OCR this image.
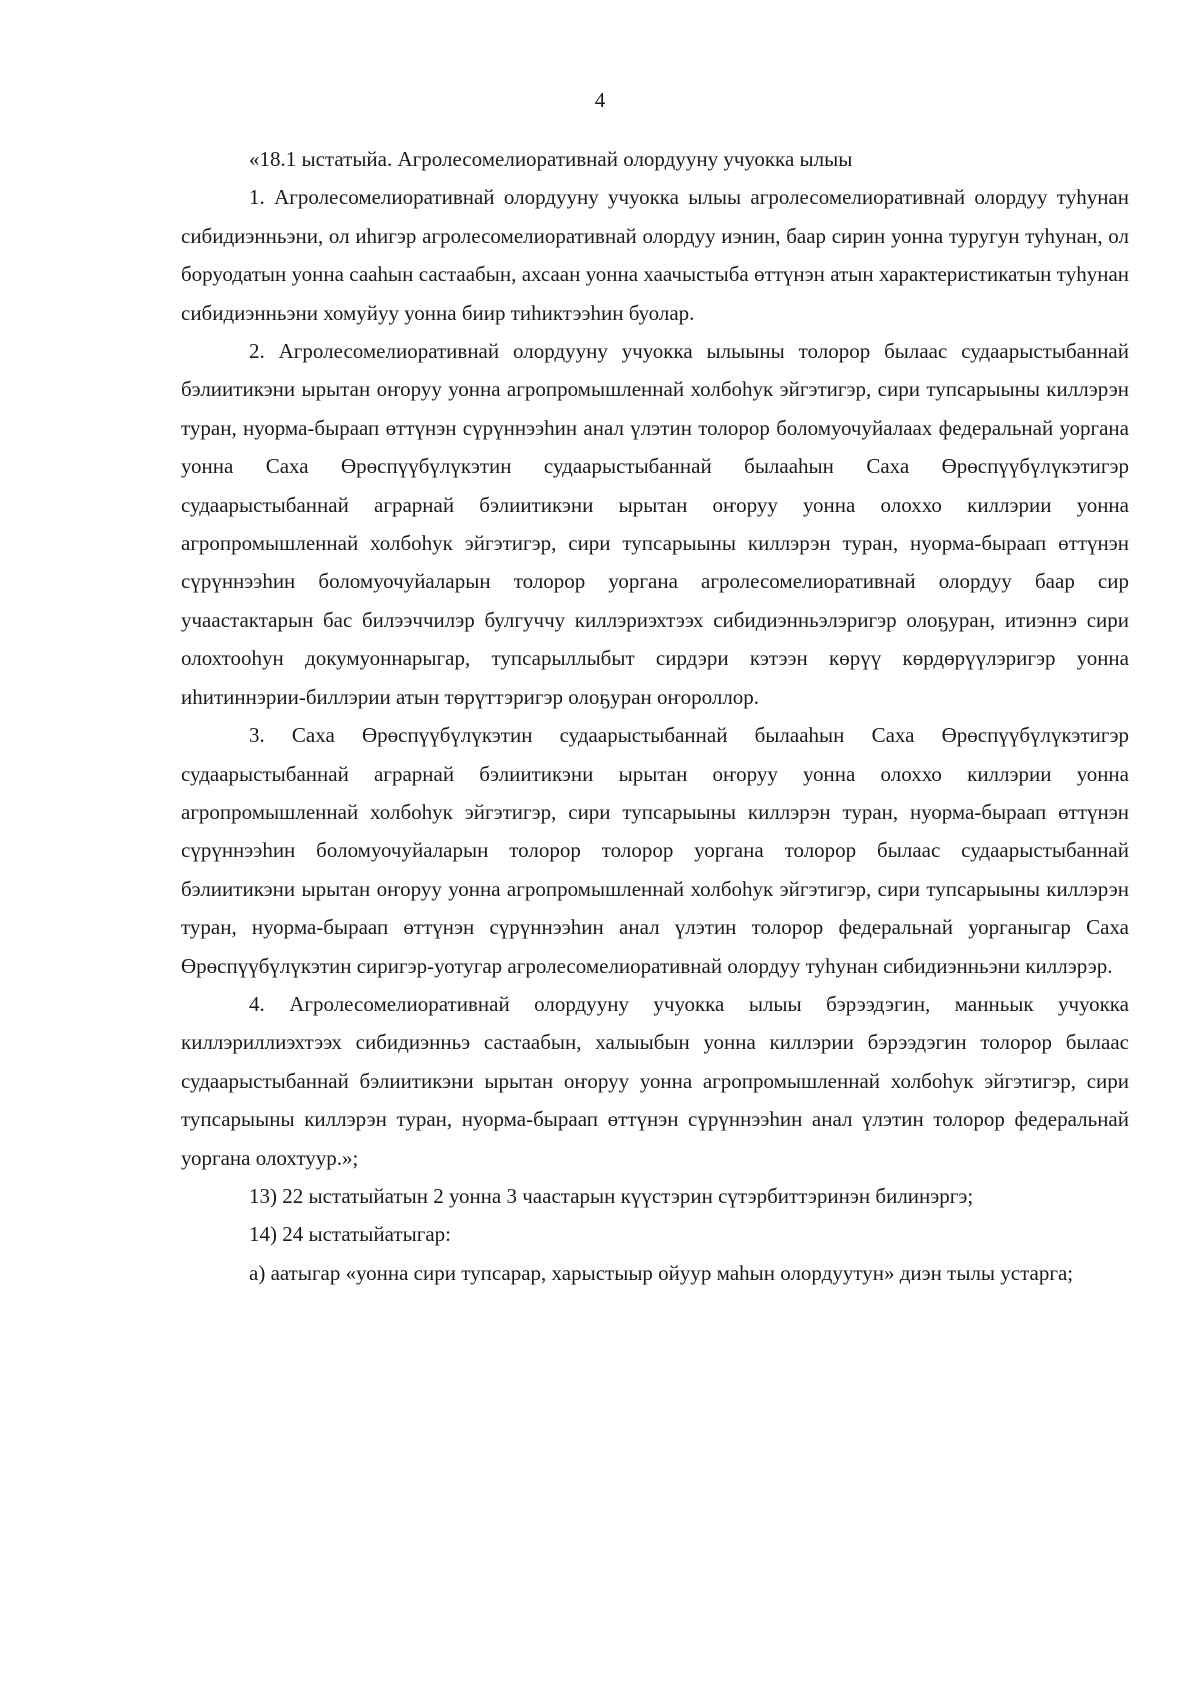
4

«18.1 ыстатыйа. Агролесомелиоративнай олордууну учуокка ылыы

1. Агролесомелиоративнай олордууну учуокка ылыы агролесомелиоративнай олордуу туһунан сибидиэнньэни, ол иһигэр агролесомелиоративнай олордуу иэнин, баар сирин уонна туругун туһунан, ол боруодатын уонна сааһын састаабын, ахсаан уонна хаачыстыба өттүнэн атын характеристикатын туһунан сибидиэнньэни хомуйуу уонна биир тиһиктээһин буолар.

2. Агролесомелиоративнай олордууну учуокка ылыыны толорор былаас судаарыстыбаннай бэлиитикэни ырытан оҥоруу уонна агропромышленнай холбоһук эйгэтигэр, сири тупсарыыны киллэрэн туран, нуорма-быраап өттүнэн сүрүннээһин анал үлэтин толорор боломуочуйалаах федеральнай уоргана уонна Саха Өрөспүүбүлүкэтин судаарыстыбаннай былааһын Саха Өрөспүүбүлүкэтигэр судаарыстыбаннай аграрнай бэлиитикэни ырытан оҥоруу уонна олоххо киллэрии уонна агропромышленнай холбоһук эйгэтигэр, сири тупсарыыны киллэрэн туран, нуорма-быраап өттүнэн сүрүннээһин боломуочуйаларын толорор уоргана агролесомелиоративнай олордуу баар сир учаастактарын бас билээччилэр булгуччу киллэриэхтээх сибидиэнньэлэригэр олоҕуран, итиэннэ сири олохтооһун докумуоннарыгар, тупсарыллыбыт сирдэри кэтээн көрүү көрдөрүүлэригэр уонна иһитиннэрии-биллэрии атын төрүттэригэр олоҕуран оҥороллор.

3. Саха Өрөспүүбүлүкэтин судаарыстыбаннай былааһын Саха Өрөспүүбүлүкэтигэр судаарыстыбаннай аграрнай бэлиитикэни ырытан оҥоруу уонна олоххо киллэрии уонна агропромышленнай холбоһук эйгэтигэр, сири тупсарыыны киллэрэн туран, нуорма-быраап өттүнэн сүрүннээһин боломуочуйаларын толорор толорор уоргана толорор былаас судаарыстыбаннай бэлиитикэни ырытан оҥоруу уонна агропромышленнай холбоһук эйгэтигэр, сири тупсарыыны киллэрэн туран, нуорма-быраап өттүнэн сүрүннээһин анал үлэтин толорор федеральнай уорганыгар Саха Өрөспүүбүлүкэтин сиригэр-уотугар агролесомелиоративнай олордуу туһунан сибидиэнньэни киллэрэр.

4. Агролесомелиоративнай олордууну учуокка ылыы бэрээдэгин, манньык учуокка киллэриллиэхтээх сибидиэнньэ састаабын, халыыбын уонна киллэрии бэрээдэгин толорор былаас судаарыстыбаннай бэлиитикэни ырытан оҥоруу уонна агропромышленнай холбоһук эйгэтигэр, сири тупсарыыны киллэрэн туран, нуорма-быраап өттүнэн сүрүннээһин анал үлэтин толорор федеральнай уоргана олохтуур.»;

13) 22 ыстатыйатын 2 уонна 3 чаастарын күүстэрин сүтэрбиттэринэн билинэргэ;

14) 24 ыстатыйатыгар:

а) аатыгар «уонна сири тупсарар, харыстыыр ойуур маһын олордуутун» диэн тылы устарга;
